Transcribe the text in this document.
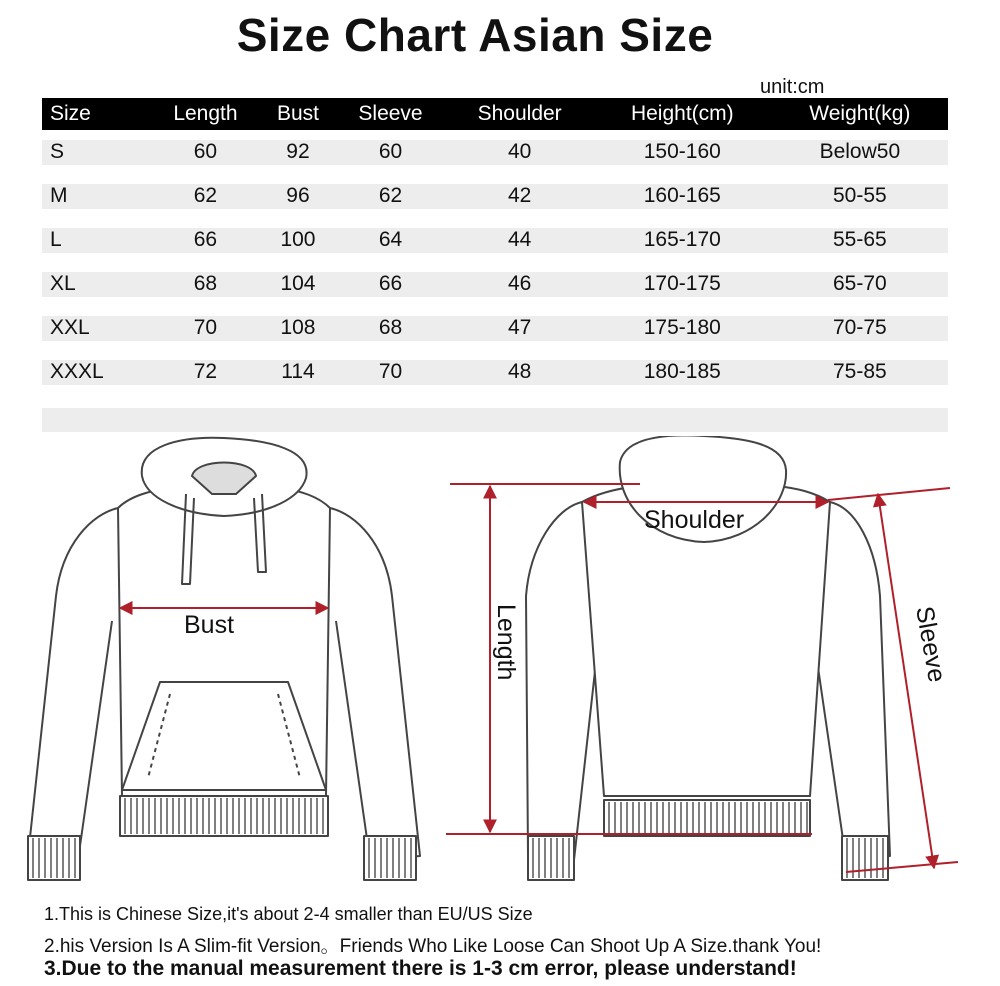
Size Chart Asian Size
unit:cm
Size	Length	Bust	Sleeve	Shoulder	Height(cm)	Weight(kg)
S	60	92	60	40	150-160	Below50
M	62	96	62	42	160-165	50-55
L	66	100	64	44	165-170	55-65
XL	68	104	66	46	170-175	65-70
XXL	70	108	68	47	175-180	70-75
XXXL	72	114	70	48	180-185	75-85
Bust	Length
Shoulder
Sleeve
1.This is Chinese Size,it's about 2-4 smaller than EU/US Size
2.his Version Is A Slim-fit Version。Friends Who Like Loose Can Shoot Up A Size.thank You!
3.Due to the manual measurement there is 1-3 cm error, please understand!
